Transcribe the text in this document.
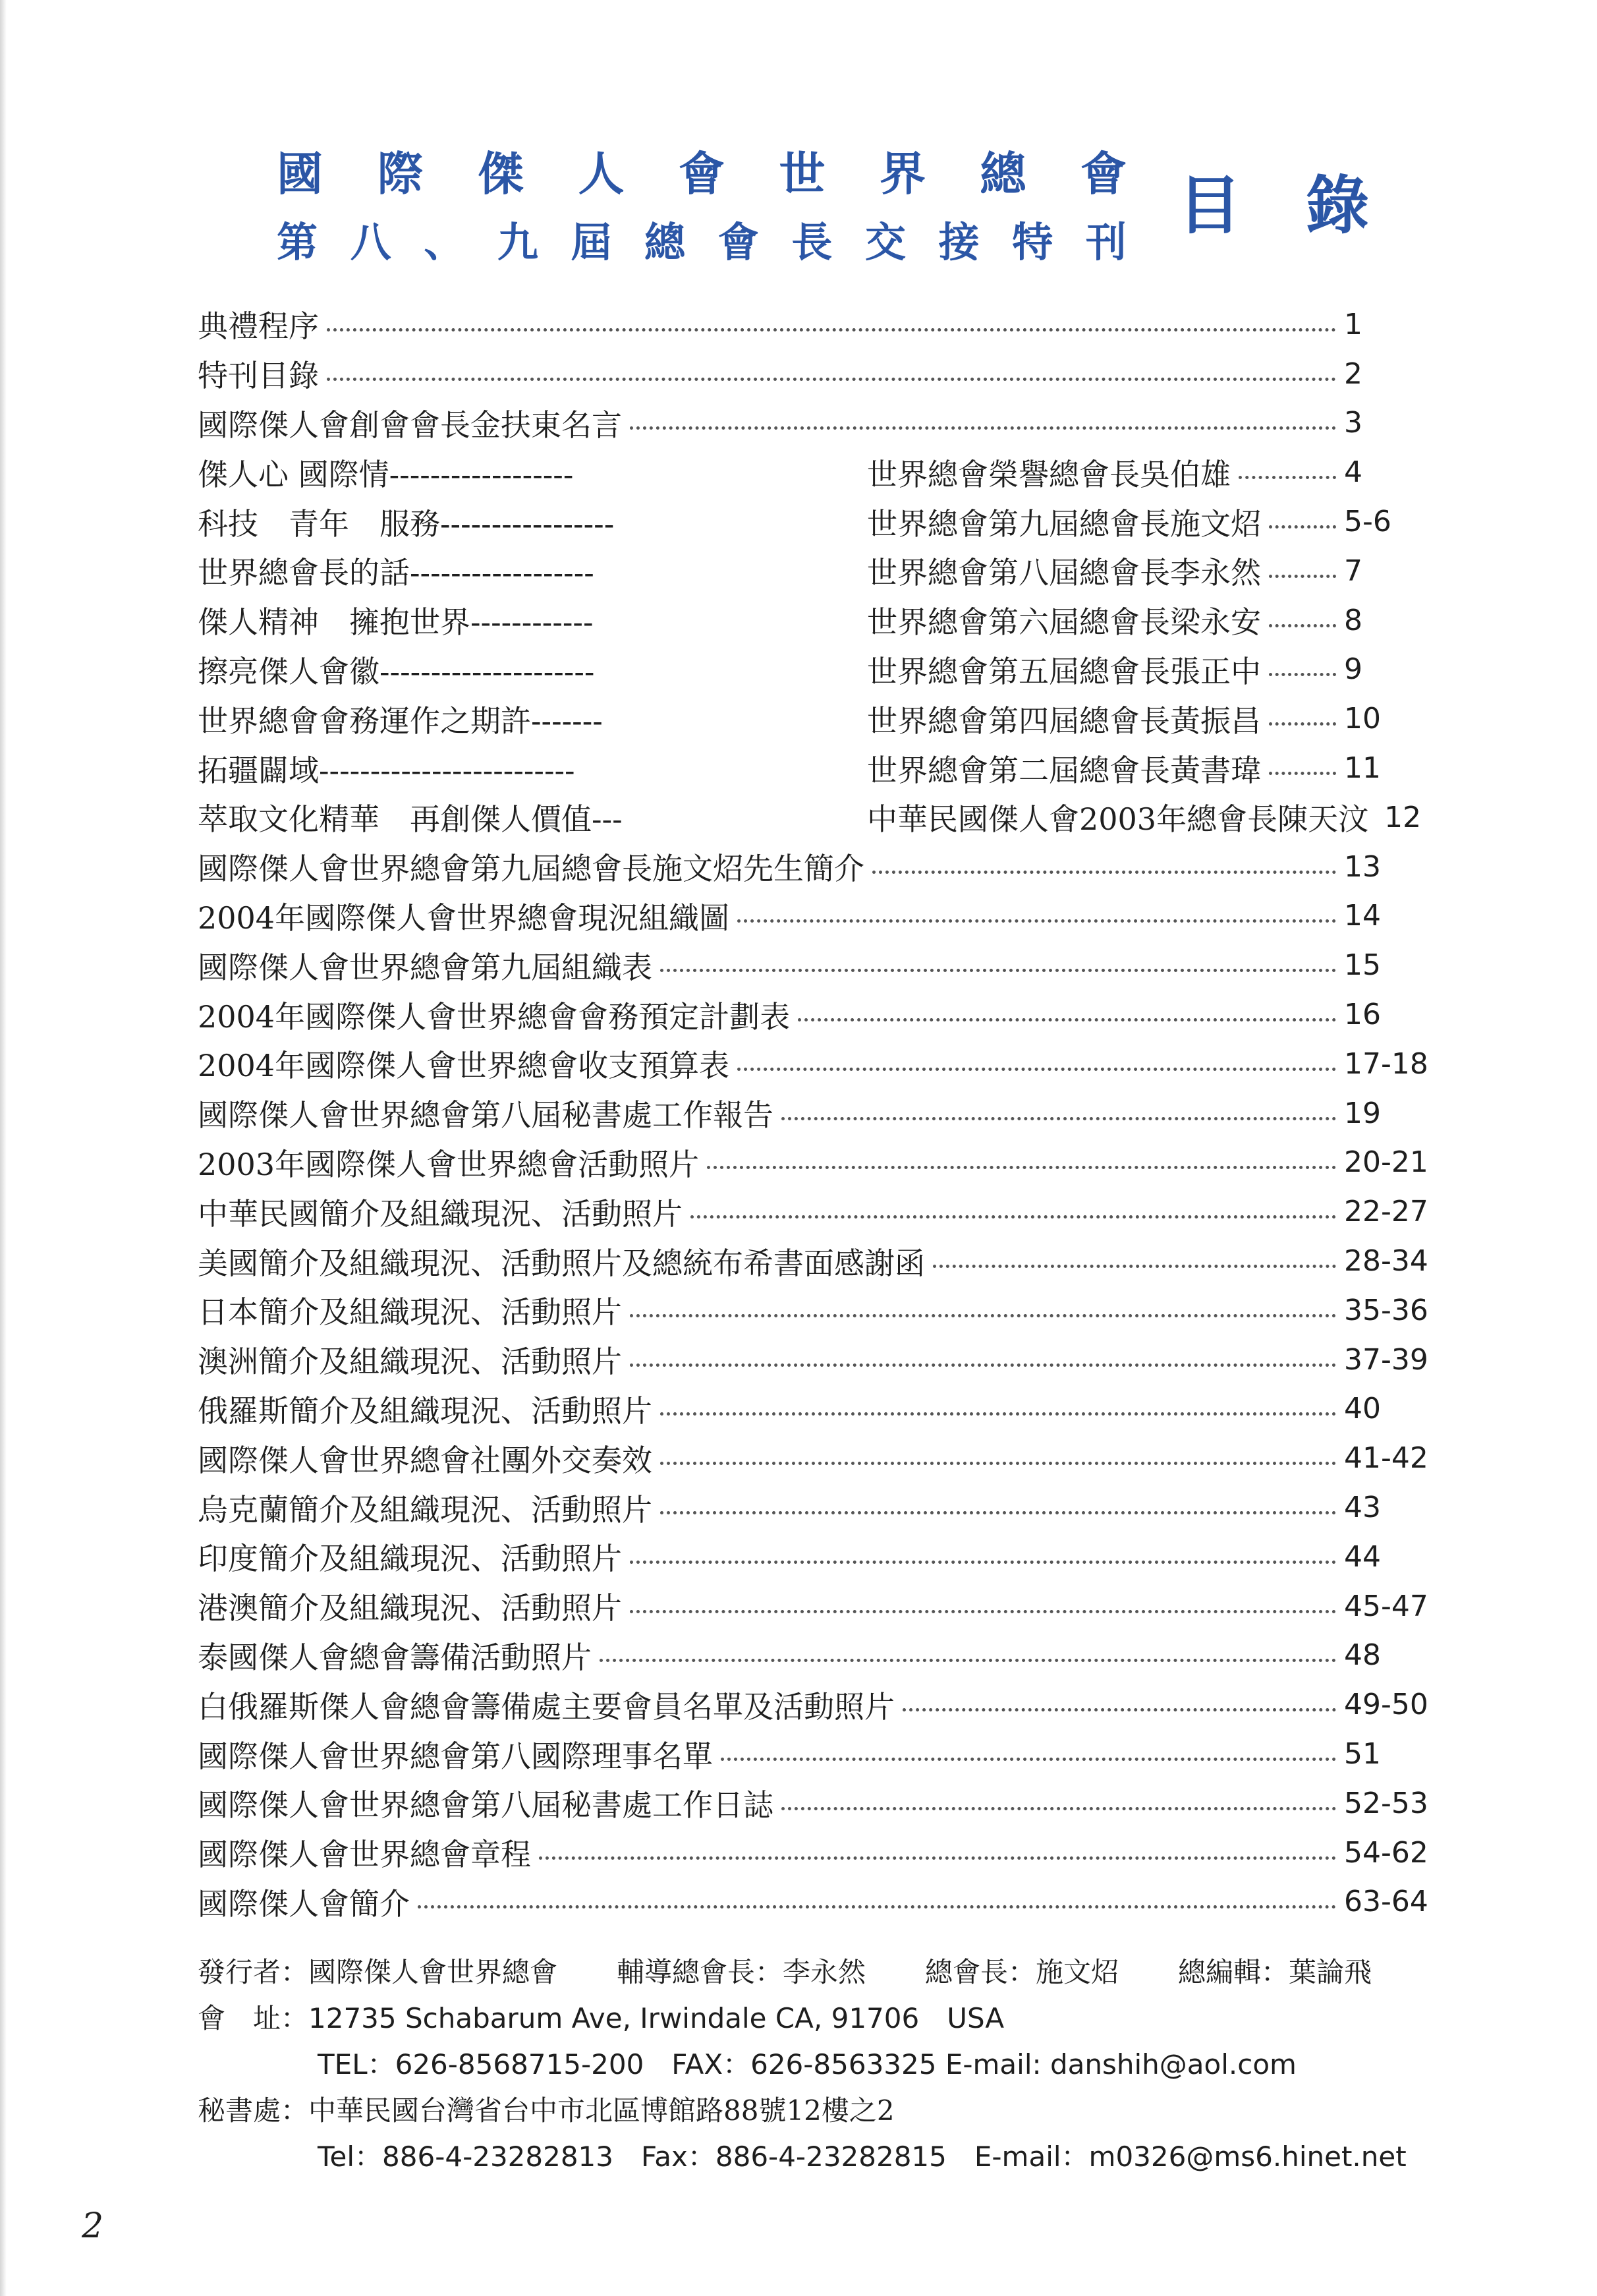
國 際 傑 人 會 世 界 總 會
第 八 、 九 屆 總 會 長 交 接 特 刊 目 錄
典禮程序	1
特刊目錄	2
國際傑人會創會會長金扶東名言	3
傑人心 國際情------------------	世界總會榮譽總會長吳伯雄	4
科技　青年　服務-----------------	世界總會第九屆總會長施文炤	5-6
世界總會長的話------------------	世界總會第八屆總會長李永然	7
傑人精神　擁抱世界------------	世界總會第六屆總會長梁永安	8
擦亮傑人會徽---------------------	世界總會第五屆總會長張正中	9
世界總會會務運作之期許-------	世界總會第四屆總會長黃振昌	10
拓疆闢域-------------------------	世界總會第二屆總會長黃書瑋	11
萃取文化精華　再創傑人價值---	中華民國傑人會2003年總會長陳天汶 12
國際傑人會世界總會第九屆總會長施文炤先生簡介	13
2004年國際傑人會世界總會現況組織圖	14
國際傑人會世界總會第九屆組織表	15
2004年國際傑人會世界總會會務預定計劃表	16
2004年國際傑人會世界總會收支預算表	17-18
國際傑人會世界總會第八屆秘書處工作報告	19
2003年國際傑人會世界總會活動照片	20-21
中華民國簡介及組織現況、活動照片	22-27
美國簡介及組織現況、活動照片及總統布希書面感謝函	28-34
日本簡介及組織現況、活動照片	35-36
澳洲簡介及組織現況、活動照片	37-39
俄羅斯簡介及組織現況、活動照片	40
國際傑人會世界總會社團外交奏效	41-42
烏克蘭簡介及組織現況、活動照片	43
印度簡介及組織現況、活動照片	44
港澳簡介及組織現況、活動照片	45-47
泰國傑人會總會籌備活動照片	48
白俄羅斯傑人會總會籌備處主要會員名單及活動照片	49-50
國際傑人會世界總會第八國際理事名單	51
國際傑人會世界總會第八屆秘書處工作日誌	52-53
國際傑人會世界總會章程	54-62
國際傑人會簡介	63-64
發行者：國際傑人會世界總會 輔導總會長：李永然 總會長：施文炤 總編輯：葉論飛
會　址： 12735 Schabarum Ave, Irwindale CA, 91706　USA
TEL：626-8568715-200　FAX：626-8563325 E-mail: danshih@aol.com
秘書處：中華民國台灣省台中市北區博館路88號12樓之2
Tel：886-4-23282813　Fax：886-4-23282815　E-mail：m0326@ms6.hinet.net
2
